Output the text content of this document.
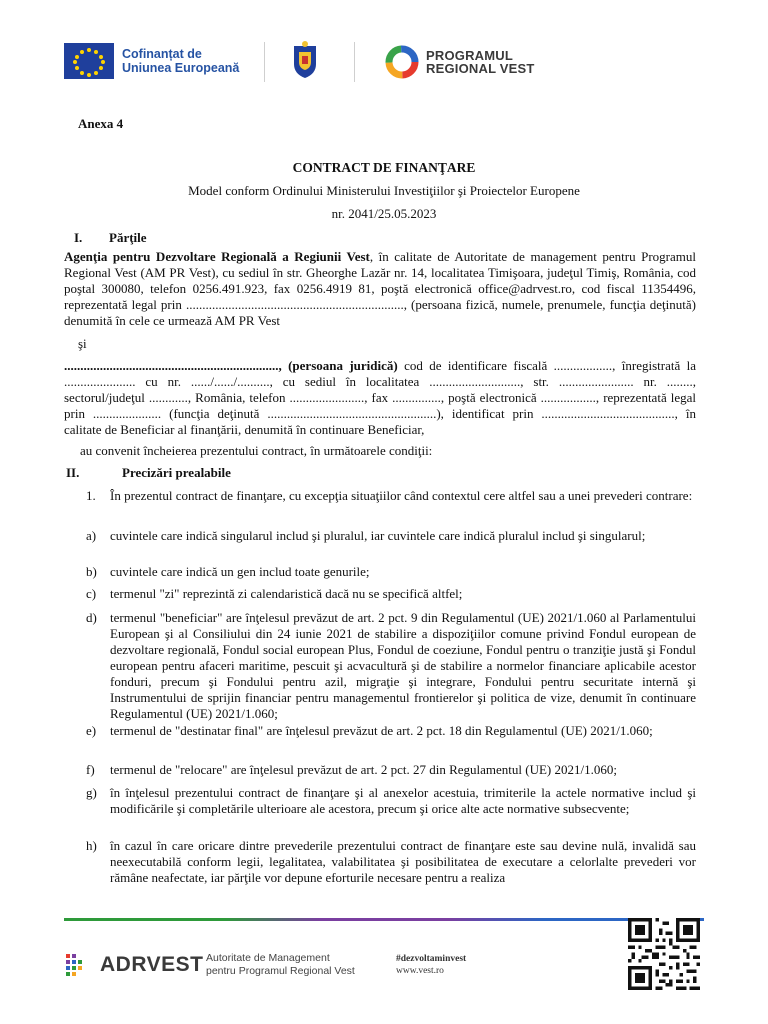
Cofinanțat de
Uniunea Europeană
PROGRAMUL
REGIONAL VEST
Anexa 4
CONTRACT DE FINANŢARE
Model conform Ordinului Ministerului Investiţiilor şi Proiectelor Europene
nr. 2041/25.05.2023
I. Părţile
Agenţia pentru Dezvoltare Regională a Regiunii Vest, în calitate de Autoritate de management pentru Programul Regional Vest (AM PR Vest), cu sediul în str. Gheorghe Lazăr nr. 14, localitatea Timişoara, judeţul Timiş, România, cod poştal 300080, telefon 0256.491.923, fax 0256.4919 81, poştă electronică office@adrvest.ro, cod fiscal 11354496, reprezentată legal prin ..................................................................., (persoana fizică, numele, prenumele, funcţia deţinută) denumită în cele ce urmează AM PR Vest
şi
.................................................................., (persoana juridică) cod de identificare fiscală .................., înregistrată la ...................... cu nr. ....../....../.........., cu sediul în localitatea ............................, str. ....................... nr. ........, sectorul/judeţul ............, România, telefon ......................., fax ..............., poştă electronică ................., reprezentată legal prin ..................... (funcţia deţinută ....................................................), identificat prin ........................................., în calitate de Beneficiar al finanţării, denumită în continuare Beneficiar,
au convenit încheierea prezentului contract, în următoarele condiţii:
II.	Precizări prealabile
1.	În prezentul contract de finanţare, cu excepţia situaţiilor când contextul cere altfel sau a unei prevederi contrare:
a)	cuvintele care indică singularul includ şi pluralul, iar cuvintele care indică pluralul includ şi singularul;
b)	cuvintele care indică un gen includ toate genurile;
c)	termenul "zi" reprezintă zi calendaristică dacă nu se specifică altfel;
d)	termenul "beneficiar" are înţelesul prevăzut de art. 2 pct. 9 din Regulamentul (UE) 2021/1.060 al Parlamentului European şi al Consiliului din 24 iunie 2021 de stabilire a dispoziţiilor comune privind Fondul european de dezvoltare regională, Fondul social european Plus, Fondul de coeziune, Fondul pentru o tranziţie justă şi Fondul european pentru afaceri maritime, pescuit şi acvacultură şi de stabilire a normelor financiare aplicabile acestor fonduri, precum şi Fondului pentru azil, migraţie şi integrare, Fondului pentru securitate internă şi Instrumentului de sprijin financiar pentru managementul frontierelor şi politica de vize, denumit în continuare Regulamentul (UE) 2021/1.060;
e)	termenul de "destinatar final" are înţelesul prevăzut de art. 2 pct. 18 din Regulamentul (UE) 2021/1.060;
f)	termenul de "relocare" are înţelesul prevăzut de art. 2 pct. 27 din Regulamentul (UE) 2021/1.060;
g)	în înţelesul prezentului contract de finanţare şi al anexelor acestuia, trimiterile la actele normative includ şi modificările şi completările ulterioare ale acestora, precum şi orice alte acte normative subsecvente;
h)	în cazul în care oricare dintre prevederile prezentului contract de finanţare este sau devine nulă, invalidă sau neexecutabilă conform legii, legalitatea, valabilitatea şi posibilitatea de executare a celorlalte prevederi vor rămâne neafectate, iar părţile vor depune eforturile necesare pentru a realiza
ADRVEST Autoritate de Management
pentru Programul Regional Vest
#dezvoltaminvest
www.vest.ro
